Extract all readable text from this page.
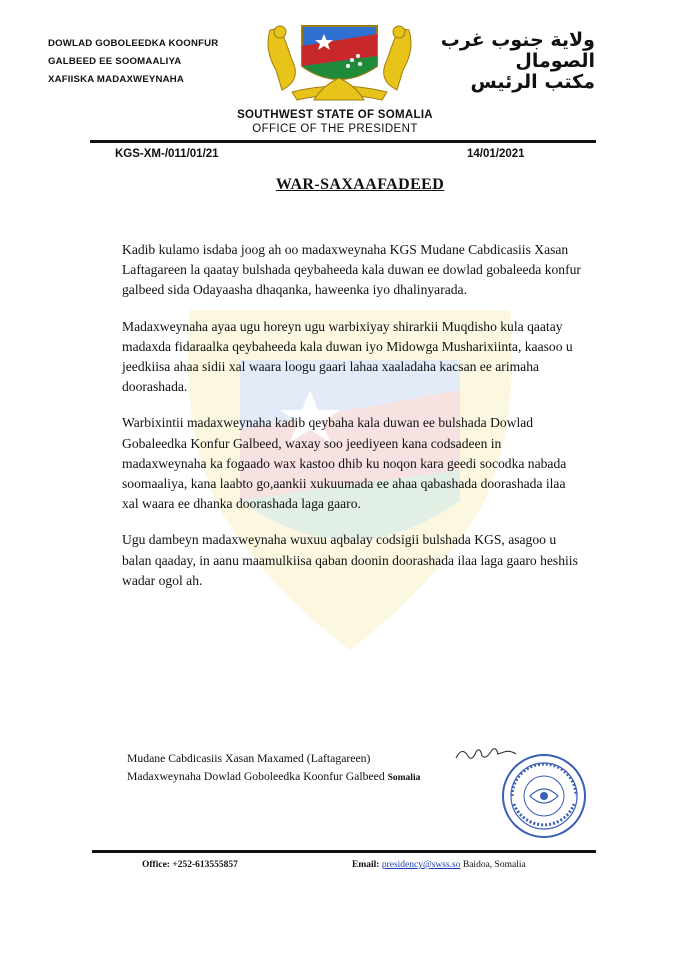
DOWLAD GOBOLEEDKA KOONFUR
GALBEED EE SOOMAALIYA
XAFIISKA MADAXWEYNAHA
ولاية جنوب غرب
الصومال
مكتب الرئيس
SOUTHWEST STATE OF SOMALIA
OFFICE OF THE PRESIDENT
KGS-XM-/011/01/21	14/01/2021
WAR-SAXAAFADEED

Kadib kulamo isdaba joog ah oo madaxweynaha KGS Mudane Cabdicasiis Xasan Laftagareen la qaatay bulshada qeybaheeda kala duwan ee dowlad gobaleeda konfur galbeed sida Odayaasha dhaqanka, haweenka iyo dhalinyarada.

Madaxweynaha ayaa ugu horeyn ugu warbixiyay shirarkii Muqdisho kula qaatay madaxda fidaraalka qeybaheeda kala duwan iyo Midowga Musharixiinta, kaasoo u jeedkiisa ahaa sidii xal waara loogu gaari lahaa xaaladaha kacsan ee arimaha doorashada.

Warbixintii madaxweynaha kadib qeybaha kala duwan ee bulshada Dowlad Gobaleedka Konfur Galbeed, waxay soo jeediyeen kana codsadeen in madaxweynaha ka fogaado wax kastoo dhib ku noqon kara geedi socodka nabada soomaaliya, kana laabto go,aankii xukuumada ee ahaa qabashada doorashada ilaa xal waara ee dhanka doorashada laga gaaro.

Ugu dambeyn madaxweynaha wuxuu aqbalay codsigii bulshada KGS, asagoo u balan qaaday, in aanu maamulkiisa qaban doonin doorashada ilaa laga gaaro heshiis wadar ogol ah.

Mudane Cabdicasiis Xasan Maxamed (Laftagareen)
Madaxweynaha Dowlad Goboleedka Koonfur Galbeed Somalia
Office: +252-613555857	Email: presidency@swss.so Baidoa, Somalia
